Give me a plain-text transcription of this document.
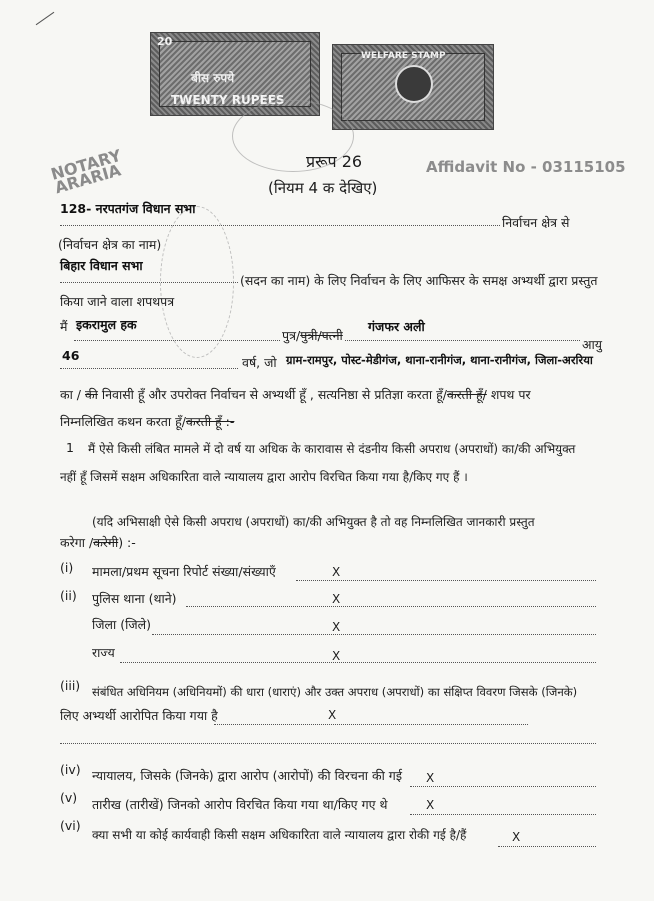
20
बीस रुपये
TWENTY RUPEES
WELFARE STAMP
NOTARY
ARARIA	प्ररूप 26
(नियम 4 क देखिए)
Affidavit No - 03115105
128- नरपतगंज विधान सभा
निर्वाचन क्षेत्र से
(निर्वाचन क्षेत्र का नाम)
बिहार विधान सभा
(सदन का नाम) के लिए निर्वाचन के लिए आफिसर के समक्ष अभ्यर्थी द्वारा प्रस्तुत
किया जाने वाला शपथपत्र
मैं इकरामुल हक
पुत्र/पुत्री/पत्नी
गंजफर अली
आयु
46	वर्ष, जो ग्राम-रामपुर, पोस्ट-मेडीगंज, थाना-रानीगंज, थाना-रानीगंज, जिला-अररिया
का / की निवासी हूँ और उपरोक्त निर्वाचन से अभ्यर्थी हूँ , सत्यनिष्ठा से प्रतिज्ञा करता हूँ/करती हूँ/ शपथ पर
निम्नलिखित कथन करता हूँ/करती हूँ :-
1 मैं ऐसे किसी लंबित मामले में दो वर्ष या अधिक के कारावास से दंडनीय किसी अपराध (अपराधों) का/की अभियुक्त
नहीं हूँ जिसमें सक्षम अधिकारिता वाले न्यायालय द्वारा आरोप विरचित किया गया है/किए गए हैं ।
(यदि अभिसाक्षी ऐसे किसी अपराध (अपराधों) का/की अभियुक्त है तो वह निम्नलिखित जानकारी प्रस्तुत
करेगा /करेगी) :-
(i) मामला/प्रथम सूचना रिपोर्ट संख्या/संख्याएँ	X
(ii) पुलिस थाना (थाने)	X
जिला (जिले)	X
राज्य	X
(iii) संबंधित अधिनियम (अधिनियमों) की धारा (धाराएं) और उक्त अपराध (अपराधों) का संक्षिप्त विवरण जिसके (जिनके)
लिए अभ्यर्थी आरोपित किया गया है	X
(iv) न्यायालय, जिसके (जिनके) द्वारा आरोप (आरोपों) की विरचना की गई X
(v) तारीख (तारीखें) जिनको आरोप विरचित किया गया था/किए गए थे	X
(vi)
क्या सभी या कोई कार्यवाही किसी सक्षम अधिकारिता वाले न्यायालय द्वारा रोकी गई है/हैं	X
